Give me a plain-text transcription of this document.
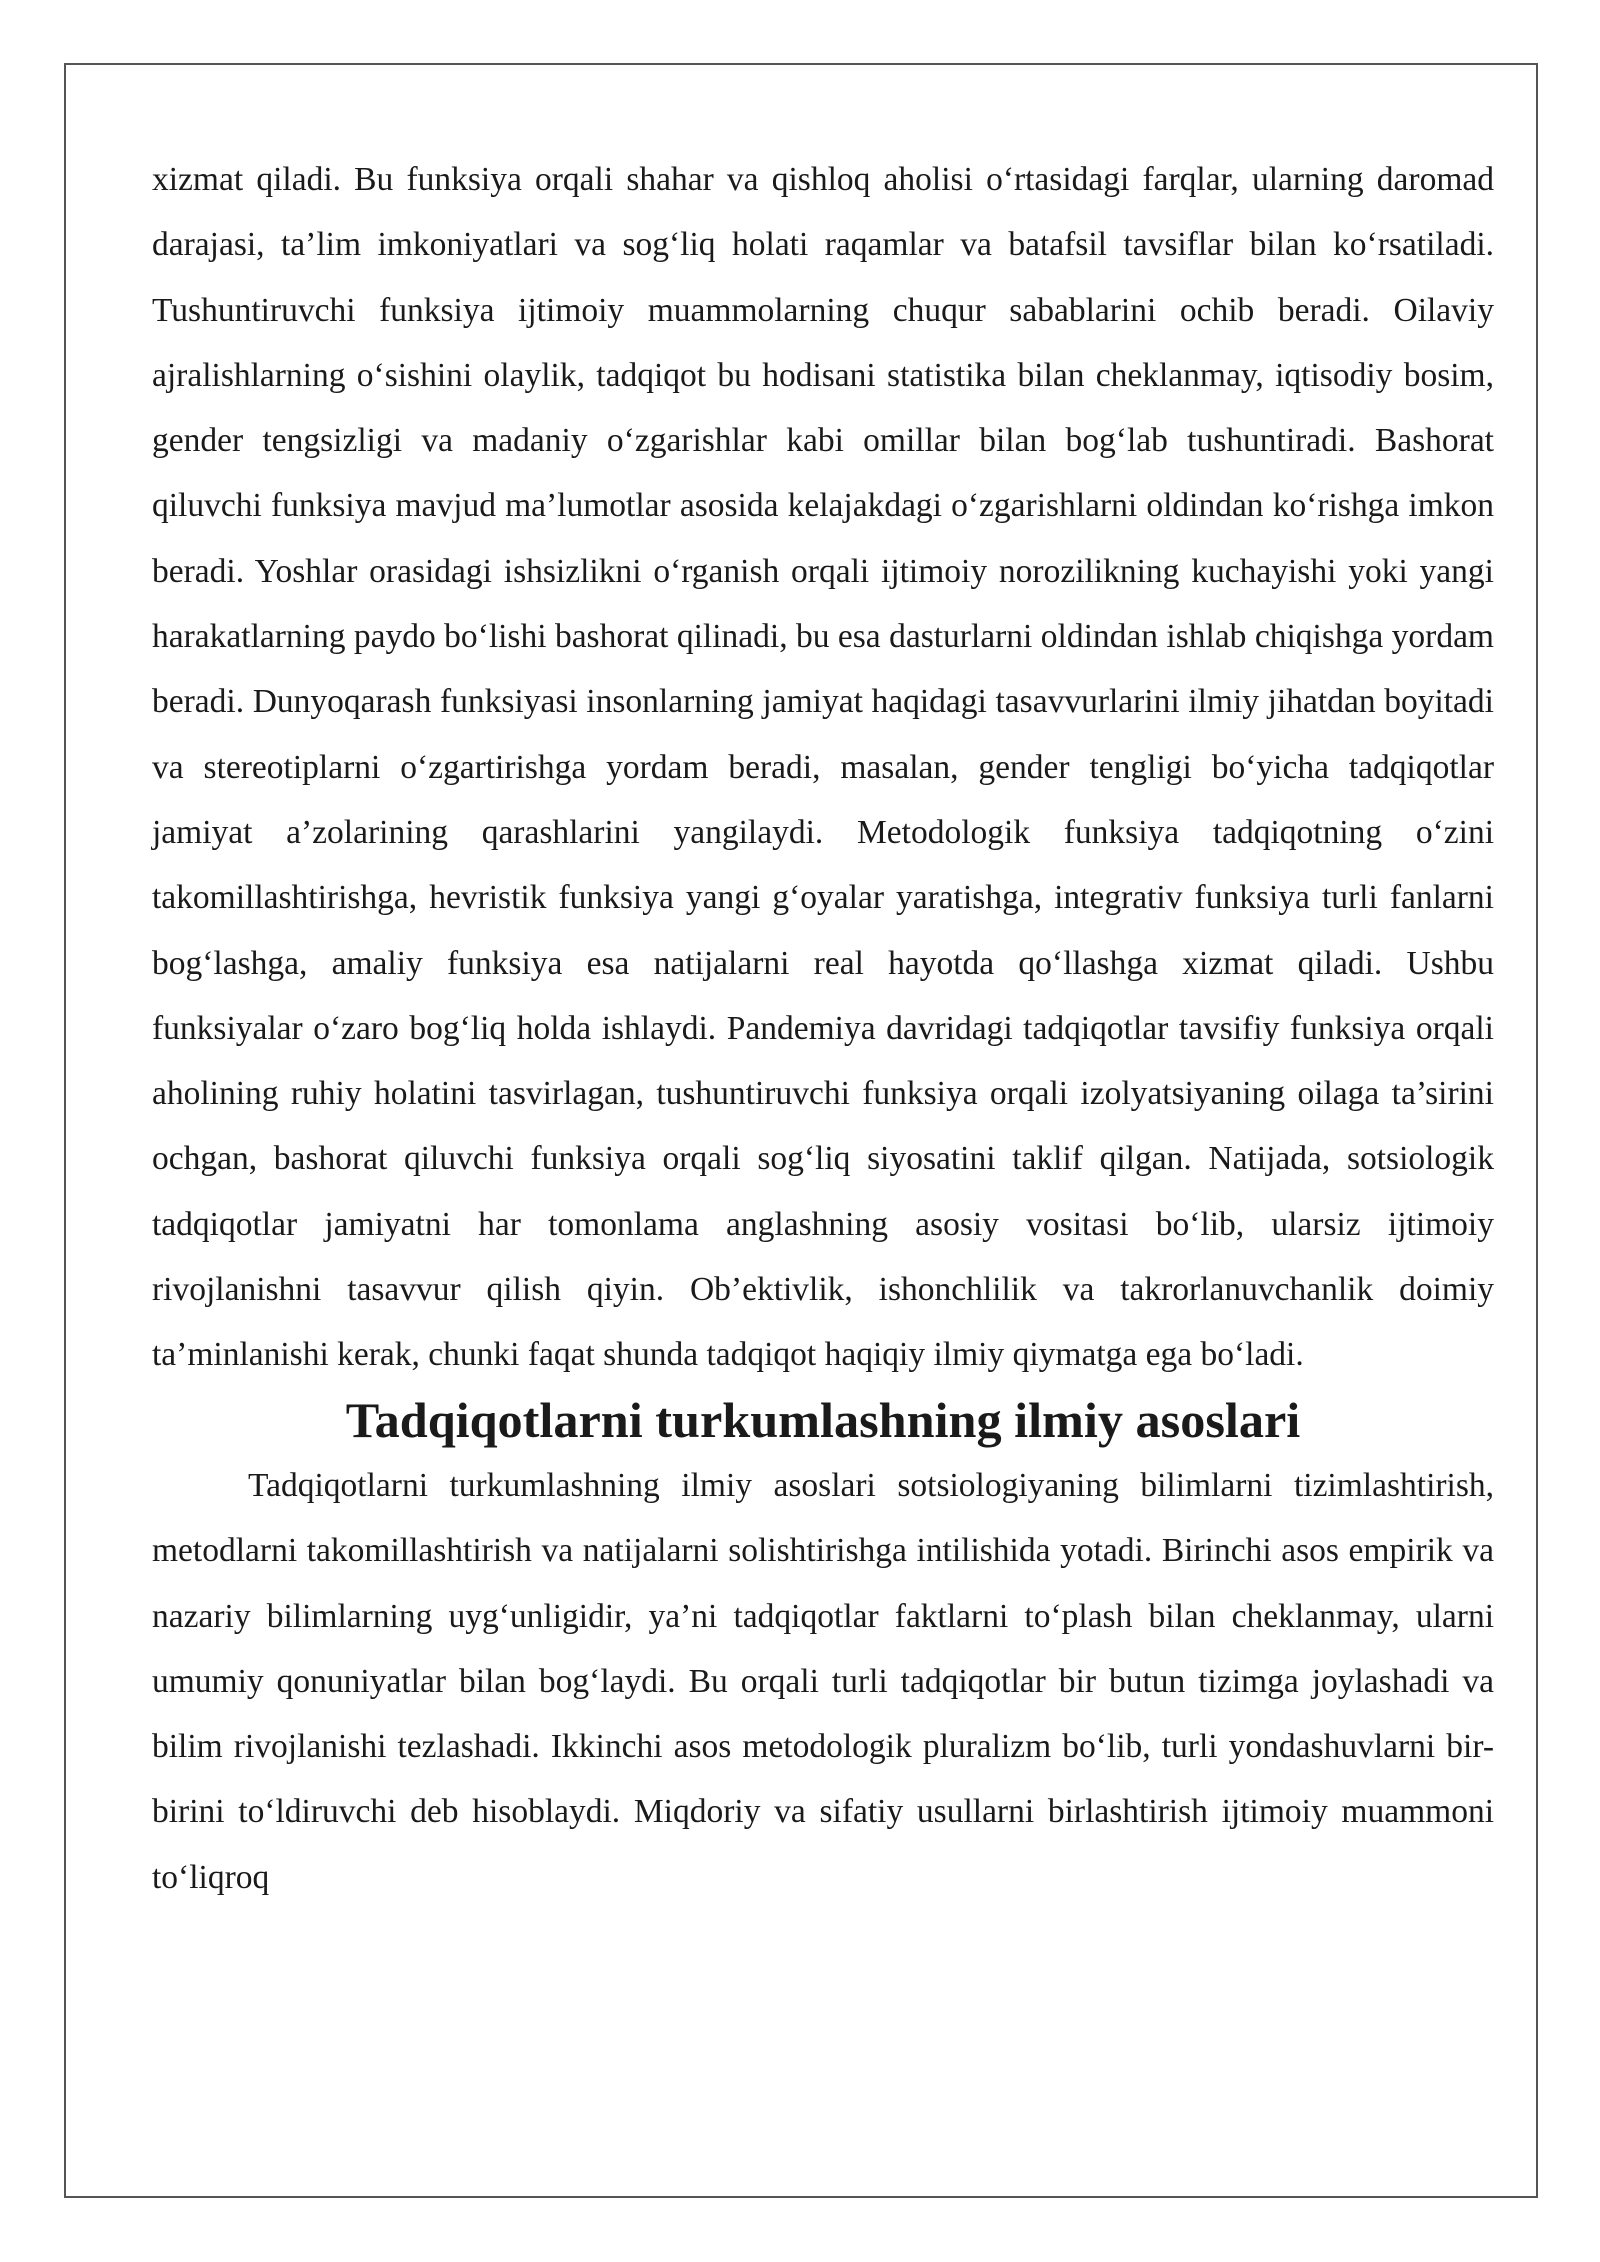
xizmat qiladi. Bu funksiya orqali shahar va qishloq aholisi o‘rtasidagi farqlar, ularning daromad darajasi, ta’lim imkoniyatlari va sog‘liq holati raqamlar va batafsil tavsiflar bilan ko‘rsatiladi. Tushuntiruvchi funksiya ijtimoiy muammolarning chuqur sabablarini ochib beradi. Oilaviy ajralishlarning o‘sishini olaylik, tadqiqot bu hodisani statistika bilan cheklanmay, iqtisodiy bosim, gender tengsizligi va madaniy o‘zgarishlar kabi omillar bilan bog‘lab tushuntiradi. Bashorat qiluvchi funksiya mavjud ma’lumotlar asosida kelajakdagi o‘zgarishlarni oldindan ko‘rishga imkon beradi. Yoshlar orasidagi ishsizlikni o‘rganish orqali ijtimoiy norozilikning kuchayishi yoki yangi harakatlarning paydo bo‘lishi bashorat qilinadi, bu esa dasturlarni oldindan ishlab chiqishga yordam beradi. Dunyoqarash funksiyasi insonlarning jamiyat haqidagi tasavvurlarini ilmiy jihatdan boyitadi va stereotiplarni o‘zgartirishga yordam beradi, masalan, gender tengligi bo‘yicha tadqiqotlar jamiyat a’zolarining qarashlarini yangilaydi. Metodologik funksiya tadqiqotning o‘zini takomillashtirishga, hevristik funksiya yangi g‘oyalar yaratishga, integrativ funksiya turli fanlarni bog‘lashga, amaliy funksiya esa natijalarni real hayotda qo‘llashga xizmat qiladi. Ushbu funksiyalar o‘zaro bog‘liq holda ishlaydi. Pandemiya davridagi tadqiqotlar tavsifiy funksiya orqali aholining ruhiy holatini tasvirlagan, tushuntiruvchi funksiya orqali izolyatsiyaning oilaga ta’sirini ochgan, bashorat qiluvchi funksiya orqali sog‘liq siyosatini taklif qilgan. Natijada, sotsiologik tadqiqotlar jamiyatni har tomonlama anglashning asosiy vositasi bo‘lib, ularsiz ijtimoiy rivojlanishni tasavvur qilish qiyin. Ob’ektivlik, ishonchlilik va takrorlanuvchanlik doimiy ta’minlanishi kerak, chunki faqat shunda tadqiqot haqiqiy ilmiy qiymatga ega bo‘ladi.

Tadqiqotlarni turkumlashning ilmiy asoslari

Tadqiqotlarni turkumlashning ilmiy asoslari sotsiologiyaning bilimlarni tizimlashtirish, metodlarni takomillashtirish va natijalarni solishtirishga intilishida yotadi. Birinchi asos empirik va nazariy bilimlarning uyg‘unligidir, ya’ni tadqiqotlar faktlarni to‘plash bilan cheklanmay, ularni umumiy qonuniyatlar bilan bog‘laydi. Bu orqali turli tadqiqotlar bir butun tizimga joylashadi va bilim rivojlanishi tezlashadi. Ikkinchi asos metodologik pluralizm bo‘lib, turli yondashuvlarni bir-birini to‘ldiruvchi deb hisoblaydi. Miqdoriy va sifatiy usullarni birlashtirish ijtimoiy muammoni to‘liqroq
